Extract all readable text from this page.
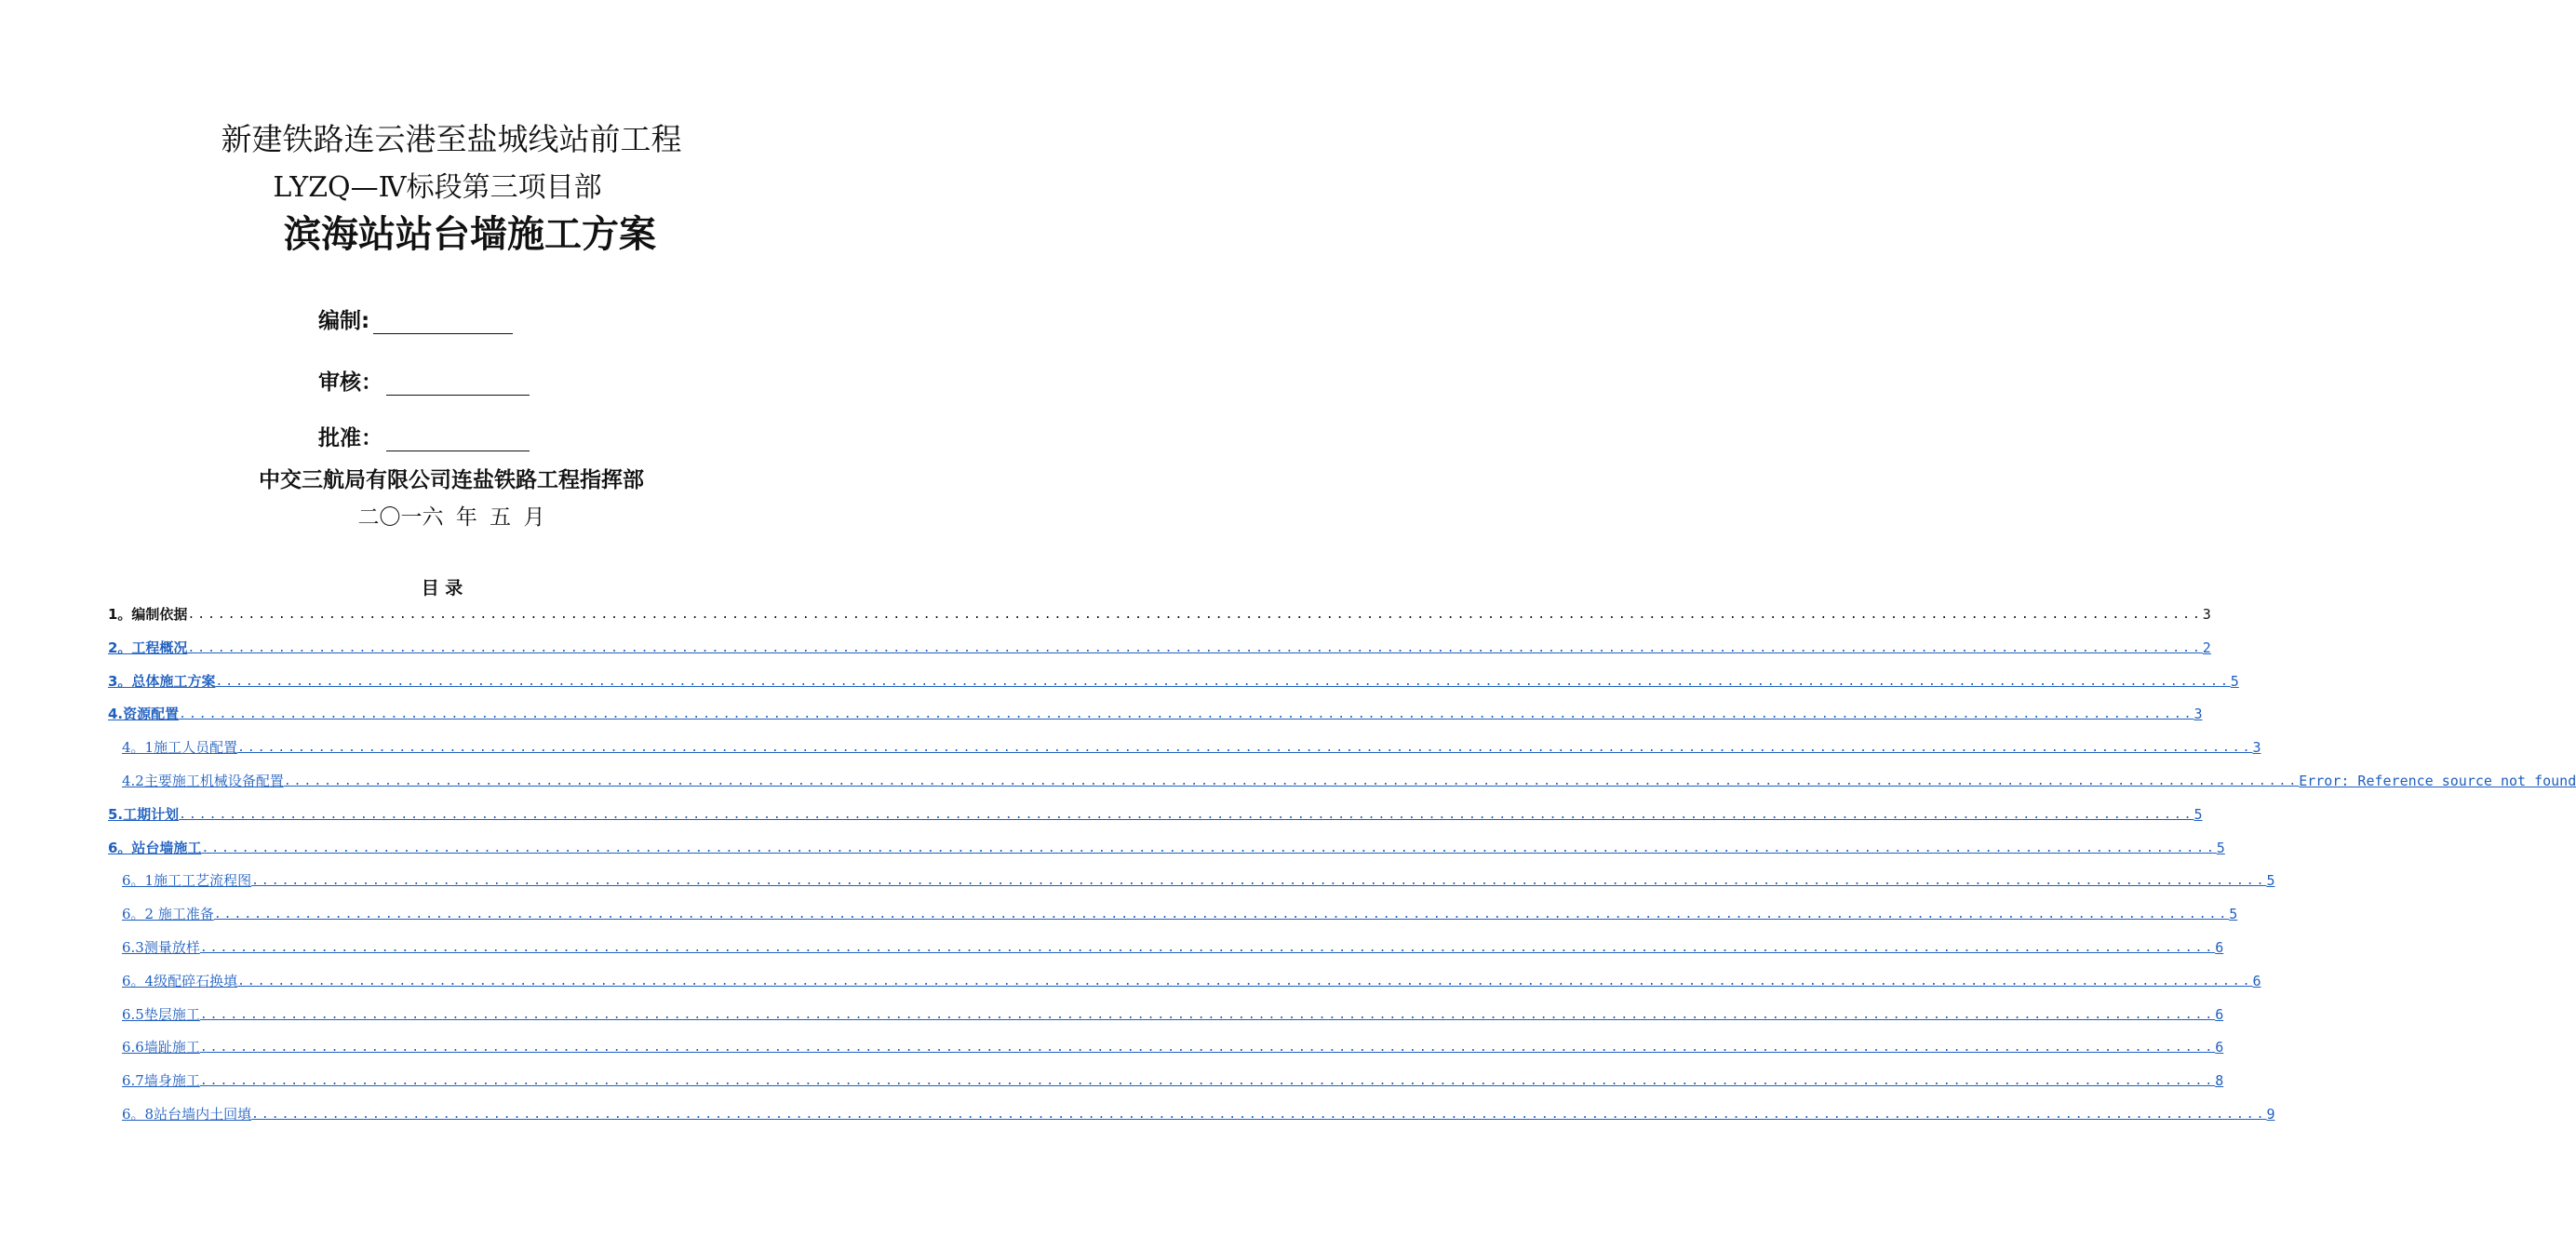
新建铁路连云港至盐城线站前工程
LYZQ—Ⅳ标段第三项目部
滨海站站台墙施工方案
编制:
审核：
批准：
中交三航局有限公司连盐铁路工程指挥部
二〇一六 年 五 月
目 录
1。编制依据 ........................................................................................................................................................................................................ 3
2。工程概况 ........................................................................................................................................................................................................ 2
3。总体施工方案 ........................................................................................................................................................................................................ 5
4.资源配置 ........................................................................................................................................................................................................ 3
4。1施工人员配置 ........................................................................................................................................................................................................ 3
4.2主要施工机械设备配置 ........................................................................................................................................................................................................ Error: Reference source not found
5.工期计划 ........................................................................................................................................................................................................ 5
6。站台墙施工 ........................................................................................................................................................................................................ 5
6。1施工工艺流程图 ........................................................................................................................................................................................................ 5
6。2 施工准备 ........................................................................................................................................................................................................ 5
6.3测量放样 ........................................................................................................................................................................................................ 6
6。4级配碎石换填 ........................................................................................................................................................................................................ 6
6.5垫层施工 ........................................................................................................................................................................................................ 6
6.6墙趾施工 ........................................................................................................................................................................................................ 6
6.7墙身施工 ........................................................................................................................................................................................................ 8
6。8站台墙内土回填 ........................................................................................................................................................................................................ 9
